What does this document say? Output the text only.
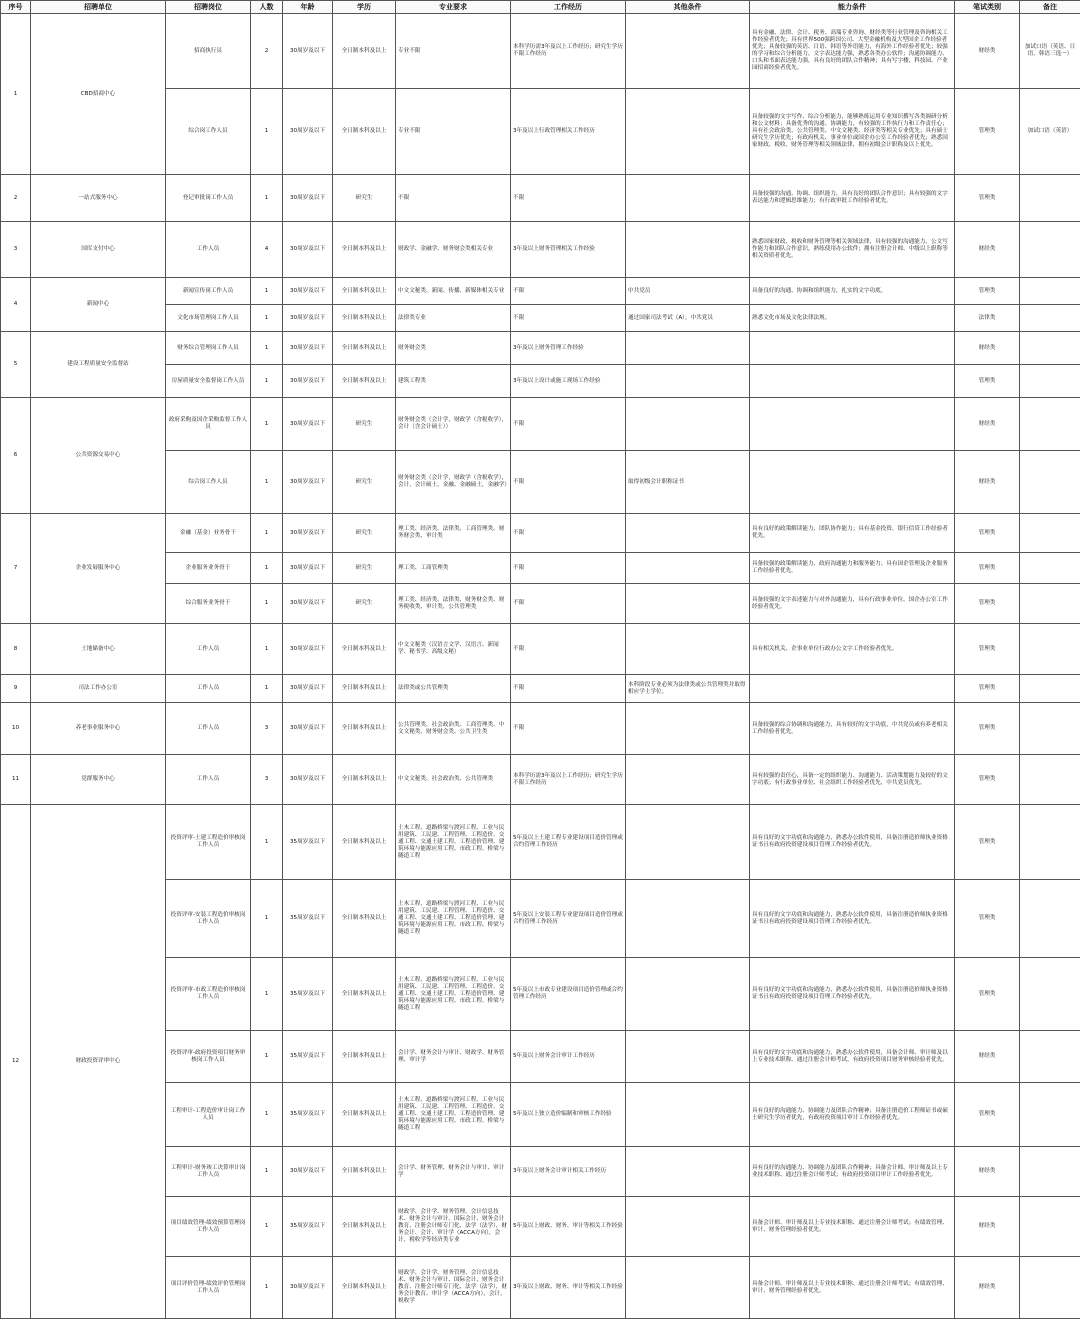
序号	招聘单位	招聘岗位	人数	年龄	学历	专业要求	工作经历	其他条件	能力条件	笔试类别	备注
1	CBD招商中心	招商执行员	2	30周岁及以下	全日制本科及以上	专业不限	本科学历需3年及以上工作经历；研究生学历不限工作经历		具有金融、法律、会计、税务、高端专业咨询、财经类等行业管理及咨询相关工作经验者优先；具有世界500强跨国公司、大型金融机构及大型国企工作经验者优先；具备较强的英语、日语、韩语等外语能力，有海外工作经验者优先；较强的学习和综合分析能力，文字表达能力强，熟悉各类办公软件；沟通协调能力、口头和书面表达能力强，具有良好的团队合作精神；具有写字楼、科技园、产业园招商经验者优先。	财经类	加试口语（英语、日语、韩语三选一）
		综合岗工作人员	1	30周岁及以下	全日制本科及以上	专业不限	3年及以上行政管理相关工作经历		具备较强的文字写作、综合分析能力，能够熟练运用专业知识撰写各类调研分析和公文材料；具备优秀的沟通、协调能力，有较强的工作执行力和工作责任心；具有社会政治类、公共管理类、中文文秘类、经济类等相关专业优先；具有硕士研究生学历优先；有政府机关、事业单位或国企办公室工作经验者优先；熟悉国家财政、税收、财务管理等相关领域法律，拥有初级会计职称及以上优先。	管理类	加试口语（英语）
2	一站式服务中心	登记审批岗工作人员	1	30周岁及以下	研究生	不限	不限		具备较强的沟通、协调、组织能力，具有良好的团队合作意识；具有较强的文字表达能力和逻辑思维能力；有行政审批工作经验者优先。	管理类	
3	国库支付中心	工作人员	4	30周岁及以下	全日制本科及以上	财政学、金融学、财务财会类相关专业	3年及以上财务管理相关工作经验		熟悉国家财政、税收和财务管理等相关领域法律，具有较强的沟通能力、公文写作能力和团队合作意识，熟练使用办公软件；拥有注册会计师、中级以上职称等相关资质者优先。	财经类	
4	新闻中心	新闻宣传岗工作人员	1	30周岁及以下	全日制本科及以上	中文文秘类、新闻、传播、新媒体相关专业	不限	中共党员	具备良好的沟通、协调和组织能力，扎实的文字功底。	管理类	
		文化市场管理岗工作人员	1	30周岁及以下	全日制本科及以上	法律类专业	不限	通过国家司法考试（A），中共党员	熟悉文化市场及文化法律法规。	法律类	
5	建设工程质量安全监督站	财务综合管理岗工作人员	1	30周岁及以下	全日制本科及以上	财务财会类	3年及以上财务管理工作经验			财经类	
		房屋质量安全监督岗工作人员	1	30周岁及以下	全日制本科及以上	建筑工程类	3年及以上设计或施工现场工作经验			管理类	
6	公共资源交易中心	政府采购及国企采购监督工作人员	1	30周岁及以下	研究生	财务财会类（会计学，财政学（含税收学），会计（含会计硕士））	不限			财经类	
		综合岗工作人员	1	30周岁及以下	研究生	财务财会类（会计学，财政学（含税收学），会计，会计硕士，金融、金融硕士，金融学）	不限	取得初级会计职称证书		财经类	
7	企业发展服务中心	金融（基金）业务骨干	1	30周岁及以下	研究生	理工类、经济类、法律类、工商管理类、财务财会类、审计类	不限		具有良好的政策解读能力、团队协作能力；具有基金投资、银行信贷工作经验者优先。	管理类	
		企业服务业务骨干	1	30周岁及以下	研究生	理工类、工商管理类	不限		具备较强的政策解读能力、政府沟通能力和服务能力；具有国企管理及企业服务工作经验者优先。	管理类	
		综合服务业务骨干	1	30周岁及以下	研究生	理工类、经济类、法律类、财务财会类、财务税收类、审计类、公共管理类	不限		具备较强的文字表述能力与对外沟通能力，具有行政事业单位、国企办公室工作经验者优先。	管理类	
8	土地储备中心	工作人员	1	30周岁及以下	全日制本科及以上	中文文秘类（汉语言文学、汉语言、新闻学、秘书学、高级文秘）	不限		具有相关机关、企事业单位行政办公文字工作经验者优先。	管理类	
9	司法工作办公室	工作人员	1	30周岁及以下	全日制本科及以上	法律类或公共管理类	不限	本科阶段专业必须为法律类或公共管理类并取得相应学士学位。		管理类	
10	养老事业服务中心	工作人员	3	30周岁及以下	全日制本科及以上	公共管理类、社会政治类、工商管理类、中文文秘类、财务财会类、公共卫生类	不限		具备较强的综合协调和沟通能力，具有较好的文字功底，中共党员或有养老相关工作经验者优先。	管理类	
11	党群服务中心	工作人员	3	30周岁及以下	全日制本科及以上	中文文秘类、社会政治类、公共管理类	本科学历需3年及以上工作经历；研究生学历不限工作经历		具有较强的责任心，具备一定的组织能力、沟通能力、活动策划能力及较好的文字功底；有行政事业单位、社会组织工作经验者优先，中共党员优先。	管理类	
12	财政投资评审中心	投资评审-土建工程造价审核岗工作人员	1	35周岁及以下	全日制本科及以上	土木工程、道路桥梁与渡河工程、工业与民用建筑、工民建、工程管理、工程造价、交通工程、交通土建工程、工程造价管理、建筑环境与能源应用工程、市政工程、桥梁与隧道工程	5年及以上土建工程专业建设项目造价管理或合约管理工作经历		具有良好的文字功底和沟通能力，熟悉办公软件使用，具备注册造价师执业资格证书且有政府投资建设项目管理工作经验者优先。	管理类	
		投资评审-安装工程造价审核岗工作人员	1	35周岁及以下	全日制本科及以上	土木工程、道路桥梁与渡河工程、工业与民用建筑、工民建、工程管理、工程造价、交通工程、交通土建工程、工程造价管理、建筑环境与能源应用工程、市政工程、桥梁与隧道工程	5年及以上安装工程专业建设项目造价管理或合约管理工作经历		具有良好的文字功底和沟通能力，熟悉办公软件使用，具备注册造价师执业资格证书且有政府投资建设项目管理工作经验者优先。	管理类	
		投资评审-市政工程造价审核岗工作人员	1	35周岁及以下	全日制本科及以上	土木工程、道路桥梁与渡河工程、工业与民用建筑、工民建、工程管理、工程造价、交通工程、交通土建工程、工程造价管理、建筑环境与能源应用工程、市政工程、桥梁与隧道工程	5年及以上市政专业建设项目造价管理或合约管理工作经历		具有良好的文字功底和沟通能力，熟悉办公软件使用，具备注册造价师执业资格证书且有政府投资建设项目管理工作经验者优先。	管理类	
		投资评审-政府投资项目财务审核岗工作人员	1	35周岁及以下	全日制本科及以上	会计学、财务会计与审计、财政学、财务管理、审计学	5年及以上财务会计审计工作经历		具有良好的文字功底和沟通能力，熟悉办公软件使用，具备会计师、审计师及以上专业技术职称、通过注册会计师考试，有政府投资项目财务审核经验者优先。	财经类	
		工程审计-工程造价审计岗工作人员	1	35周岁及以下	全日制本科及以上	土木工程、道路桥梁与渡河工程、工业与民用建筑、工民建、工程管理、工程造价、交通工程、交通土建工程、工程造价管理、建筑环境与能源应用工程、市政工程、桥梁与隧道工程	5年及以上独立造价编制和审核工作经验		具有良好的沟通能力、协调能力及团队合作精神；具备注册造价工程师证书或硕士研究生学历者优先，有政府投资项目审计工作经验者优先。	管理类	
		工程审计-财务竣工决算审计岗工作人员	1	30周岁及以下	全日制本科及以上	会计学、财务管理、财务会计与审计、审计学	3年及以上财务会计审计相关工作经历		具有良好的沟通能力、协调能力及团队合作精神；具备会计师、审计师及以上专业技术职称、通过注册会计师考试；有政府投资项目审计工作经验者优先。	财经类	
		项目绩效管理-绩效预算管理岗工作人员	1	35周岁及以下	全日制本科及以上	财政学、会计学、财务管理、会计信息技术、财务会计与审计、国际会计、财务会计教育、注册会计师专门化、法学（法学），财务会计、会计、审计学（ACCA方向），会计，税收学等经济类专业	5年及以上财政、财务、审计等相关工作经验		具备会计师、审计师及以上专业技术职称、通过注册会计师考试；有绩效管理、审计、财务管理经验者优先。	财经类	
		项目评价管理-绩效评价管理岗工作人员	1	30周岁及以下	全日制本科及以上	财政学、会计学、财务管理、会计信息技术、财务会计与审计、国际会计、财务会计教育、注册会计师专门化、法学（法学），财务会计教育、审计学（ACCA方向），会计，税收学	3年及以上财政、财务、审计等相关工作经验		具备会计师、审计师及以上专业技术职称、通过注册会计师考试；有绩效管理、审计、财务管理经验者优先。	财经类	
